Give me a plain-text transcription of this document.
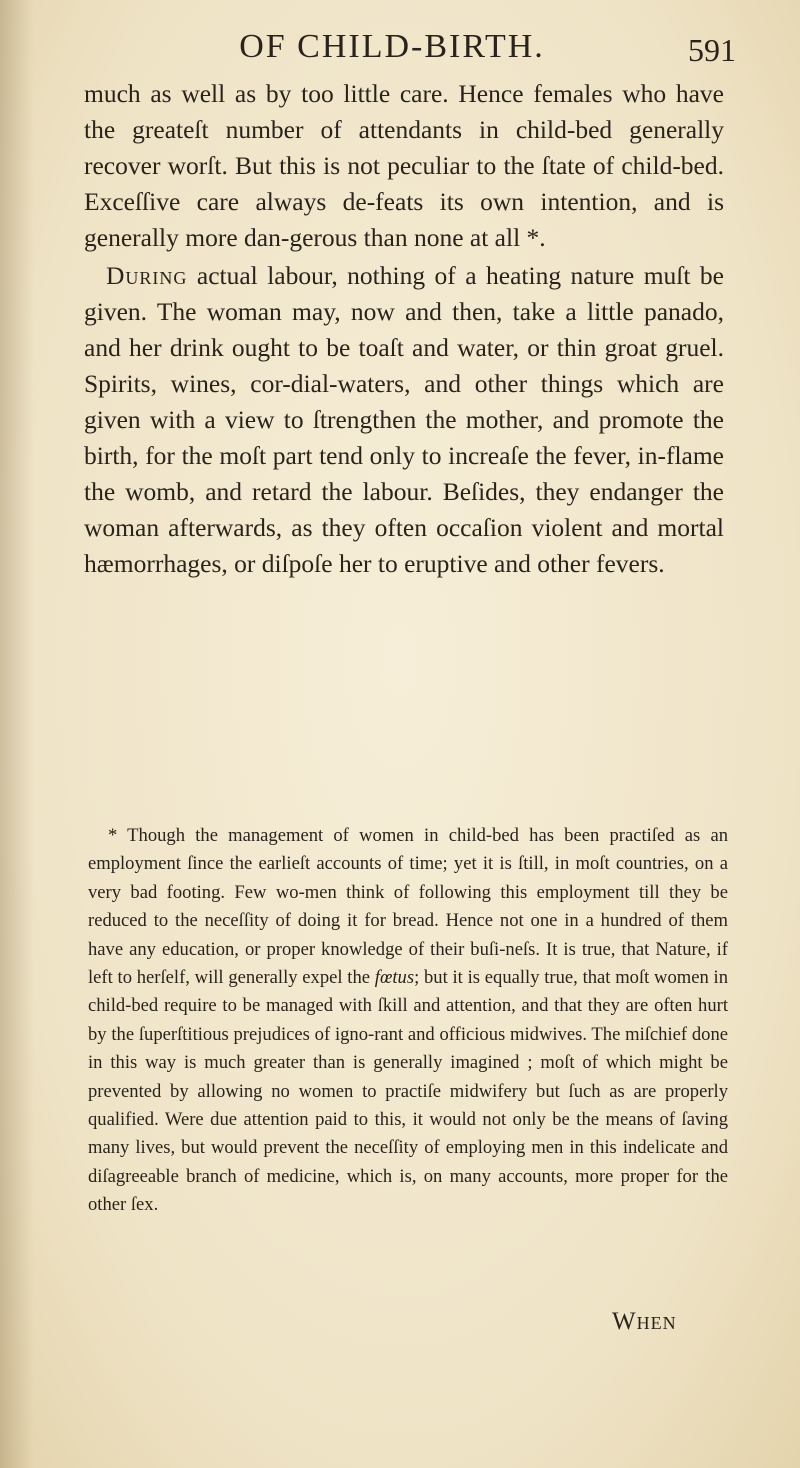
OF CHILD-BIRTH.	591

much as well as by too little care. Hence females who have the greateſt number of attendants in child-bed generally recover worſt. But this is not peculiar to the ſtate of child-bed. Exceſſive care always de-feats its own intention, and is generally more dan-gerous than none at all *.

During actual labour, nothing of a heating nature muſt be given. The woman may, now and then, take a little panado, and her drink ought to be toaſt and water, or thin groat gruel. Spirits, wines, cor-dial-waters, and other things which are given with a view to ſtrengthen the mother, and promote the birth, for the moſt part tend only to increaſe the fever, in-flame the womb, and retard the labour. Beſides, they endanger the woman afterwards, as they often occaſion violent and mortal hæmorrhages, or diſpoſe her to eruptive and other fevers.

* Though the management of women in child-bed has been practiſed as an employment ſince the earlieſt accounts of time; yet it is ſtill, in moſt countries, on a very bad footing. Few wo-men think of following this employment till they be reduced to the neceſſity of doing it for bread. Hence not one in a hundred of them have any education, or proper knowledge of their buſi-neſs. It is true, that Nature, if left to herſelf, will generally expel the fœtus; but it is equally true, that moſt women in child-bed require to be managed with ſkill and attention, and that they are often hurt by the ſuperſtitious prejudices of igno-rant and officious midwives. The miſchief done in this way is much greater than is generally imagined ; moſt of which might be prevented by allowing no women to practiſe midwifery but ſuch as are properly qualified. Were due attention paid to this, it would not only be the means of ſaving many lives, but would prevent the neceſſity of employing men in this indelicate and diſagreeable branch of medicine, which is, on many accounts, more proper for the other ſex.
When
